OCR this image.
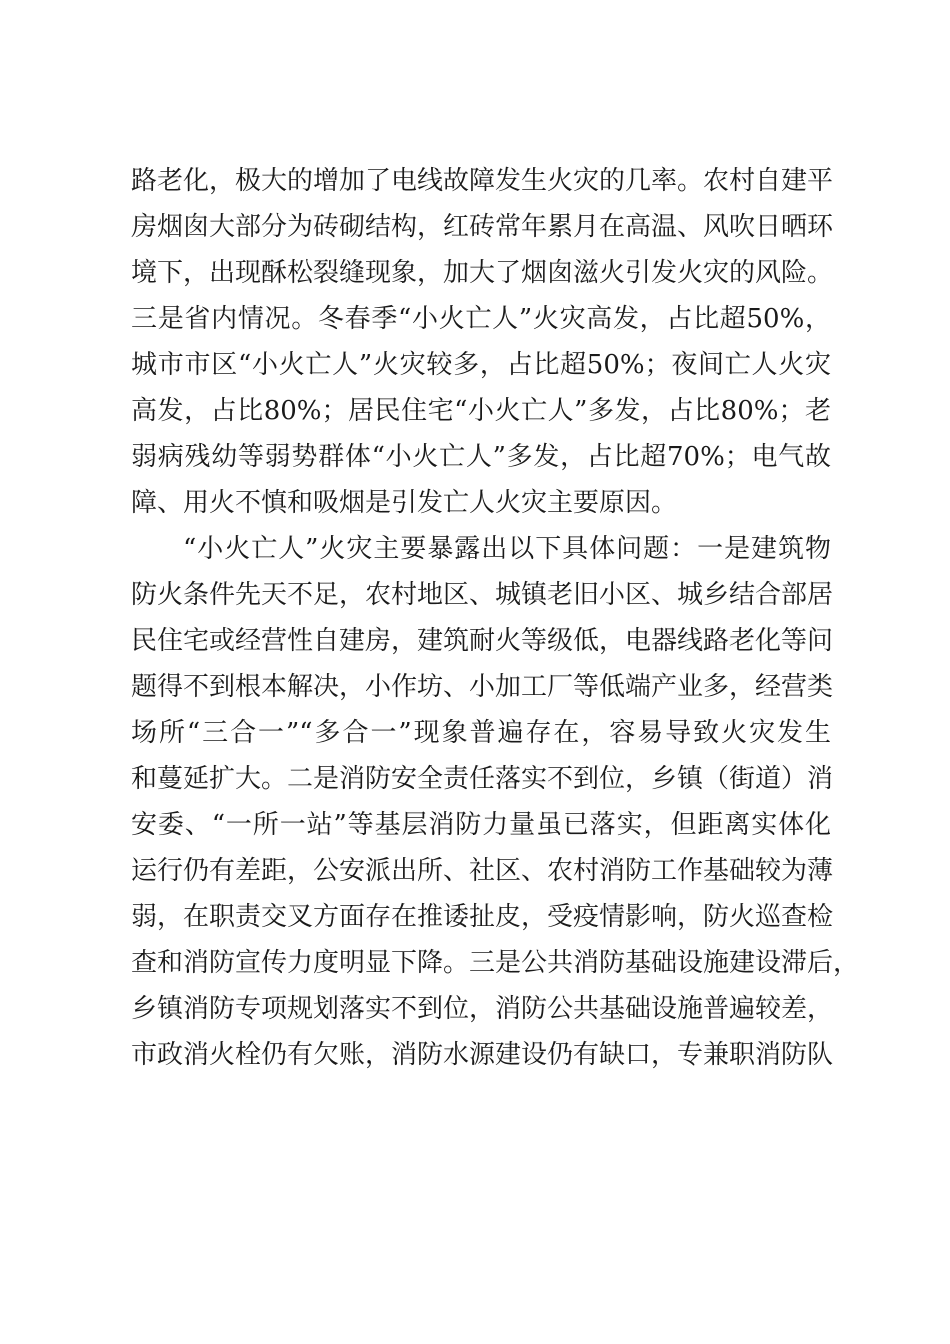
路老化，极大的增加了电线故障发生火灾的几率。农村自建平
房烟囱大部分为砖砌结构，红砖常年累月在高温、风吹日晒环
境下，出现酥松裂缝现象，加大了烟囱滋火引发火灾的风险。
三是省内情况。冬春季“小火亡人”火灾高发，占比超50%，
城市市区“小火亡人”火灾较多，占比超50%；夜间亡人火灾
高发，占比80%；居民住宅“小火亡人”多发，占比80%；老
弱病残幼等弱势群体“小火亡人”多发，占比超70%；电气故
障、用火不慎和吸烟是引发亡人火灾主要原因。
“小火亡人”火灾主要暴露出以下具体问题：一是建筑物
防火条件先天不足，农村地区、城镇老旧小区、城乡结合部居
民住宅或经营性自建房，建筑耐火等级低，电器线路老化等问
题得不到根本解决，小作坊、小加工厂等低端产业多，经营类
场所“三合一”“多合一”现象普遍存在，容易导致火灾发生
和蔓延扩大。二是消防安全责任落实不到位，乡镇（街道）消
安委、“一所一站”等基层消防力量虽已落实，但距离实体化
运行仍有差距，公安派出所、社区、农村消防工作基础较为薄
弱，在职责交叉方面存在推诿扯皮，受疫情影响，防火巡查检
查和消防宣传力度明显下降。三是公共消防基础设施建设滞后，
乡镇消防专项规划落实不到位，消防公共基础设施普遍较差，
市政消火栓仍有欠账，消防水源建设仍有缺口，专兼职消防队
